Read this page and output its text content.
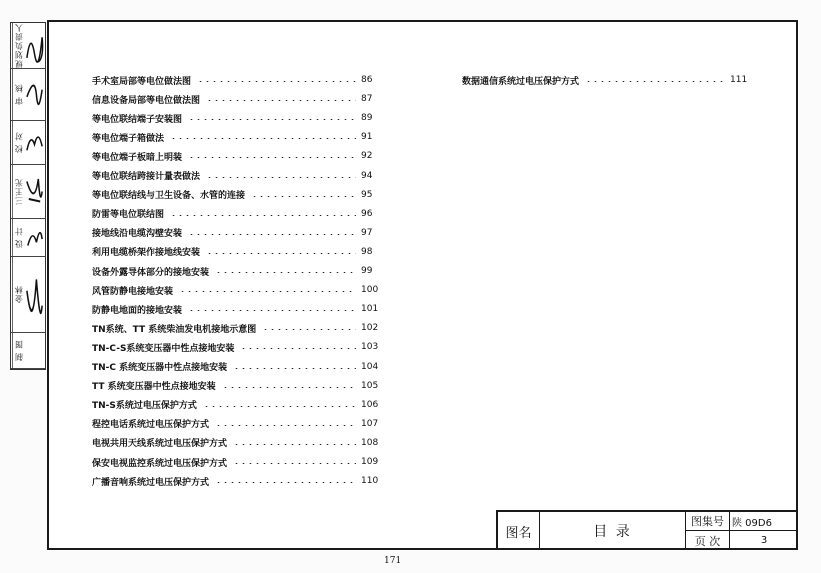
规划负责人
审 核
校 对
三王光
设 计
金林
制 图
手术室局部等电位做法图	86
信息设备局部等电位做法图	87
等电位联结端子安装图	89
等电位端子箱做法	91
等电位端子板暗上明装	92
等电位联结跨接计量表做法	94
等电位联结线与卫生设备、水管的连接	95
防雷等电位联结图	96
接地线沿电缆沟壁安装	97
利用电缆桥架作接地线安装	98
设备外露导体部分的接地安装	99
风管防静电接地安装	100
防静电地面的接地安装	101
TN系统、TT 系统柴油发电机接地示意图	102
TN-C-S系统变压器中性点接地安装	103
TN-C 系统变压器中性点接地安装	104
TT 系统变压器中性点接地安装	105
TN-S系统过电压保护方式	106
程控电话系统过电压保护方式	107
电视共用天线系统过电压保护方式	108
保安电视监控系统过电压保护方式	109
广播音响系统过电压保护方式	110
数据通信系统过电压保护方式	111
图名	目 录
图集号 陕 09D6
页 次	3
171
